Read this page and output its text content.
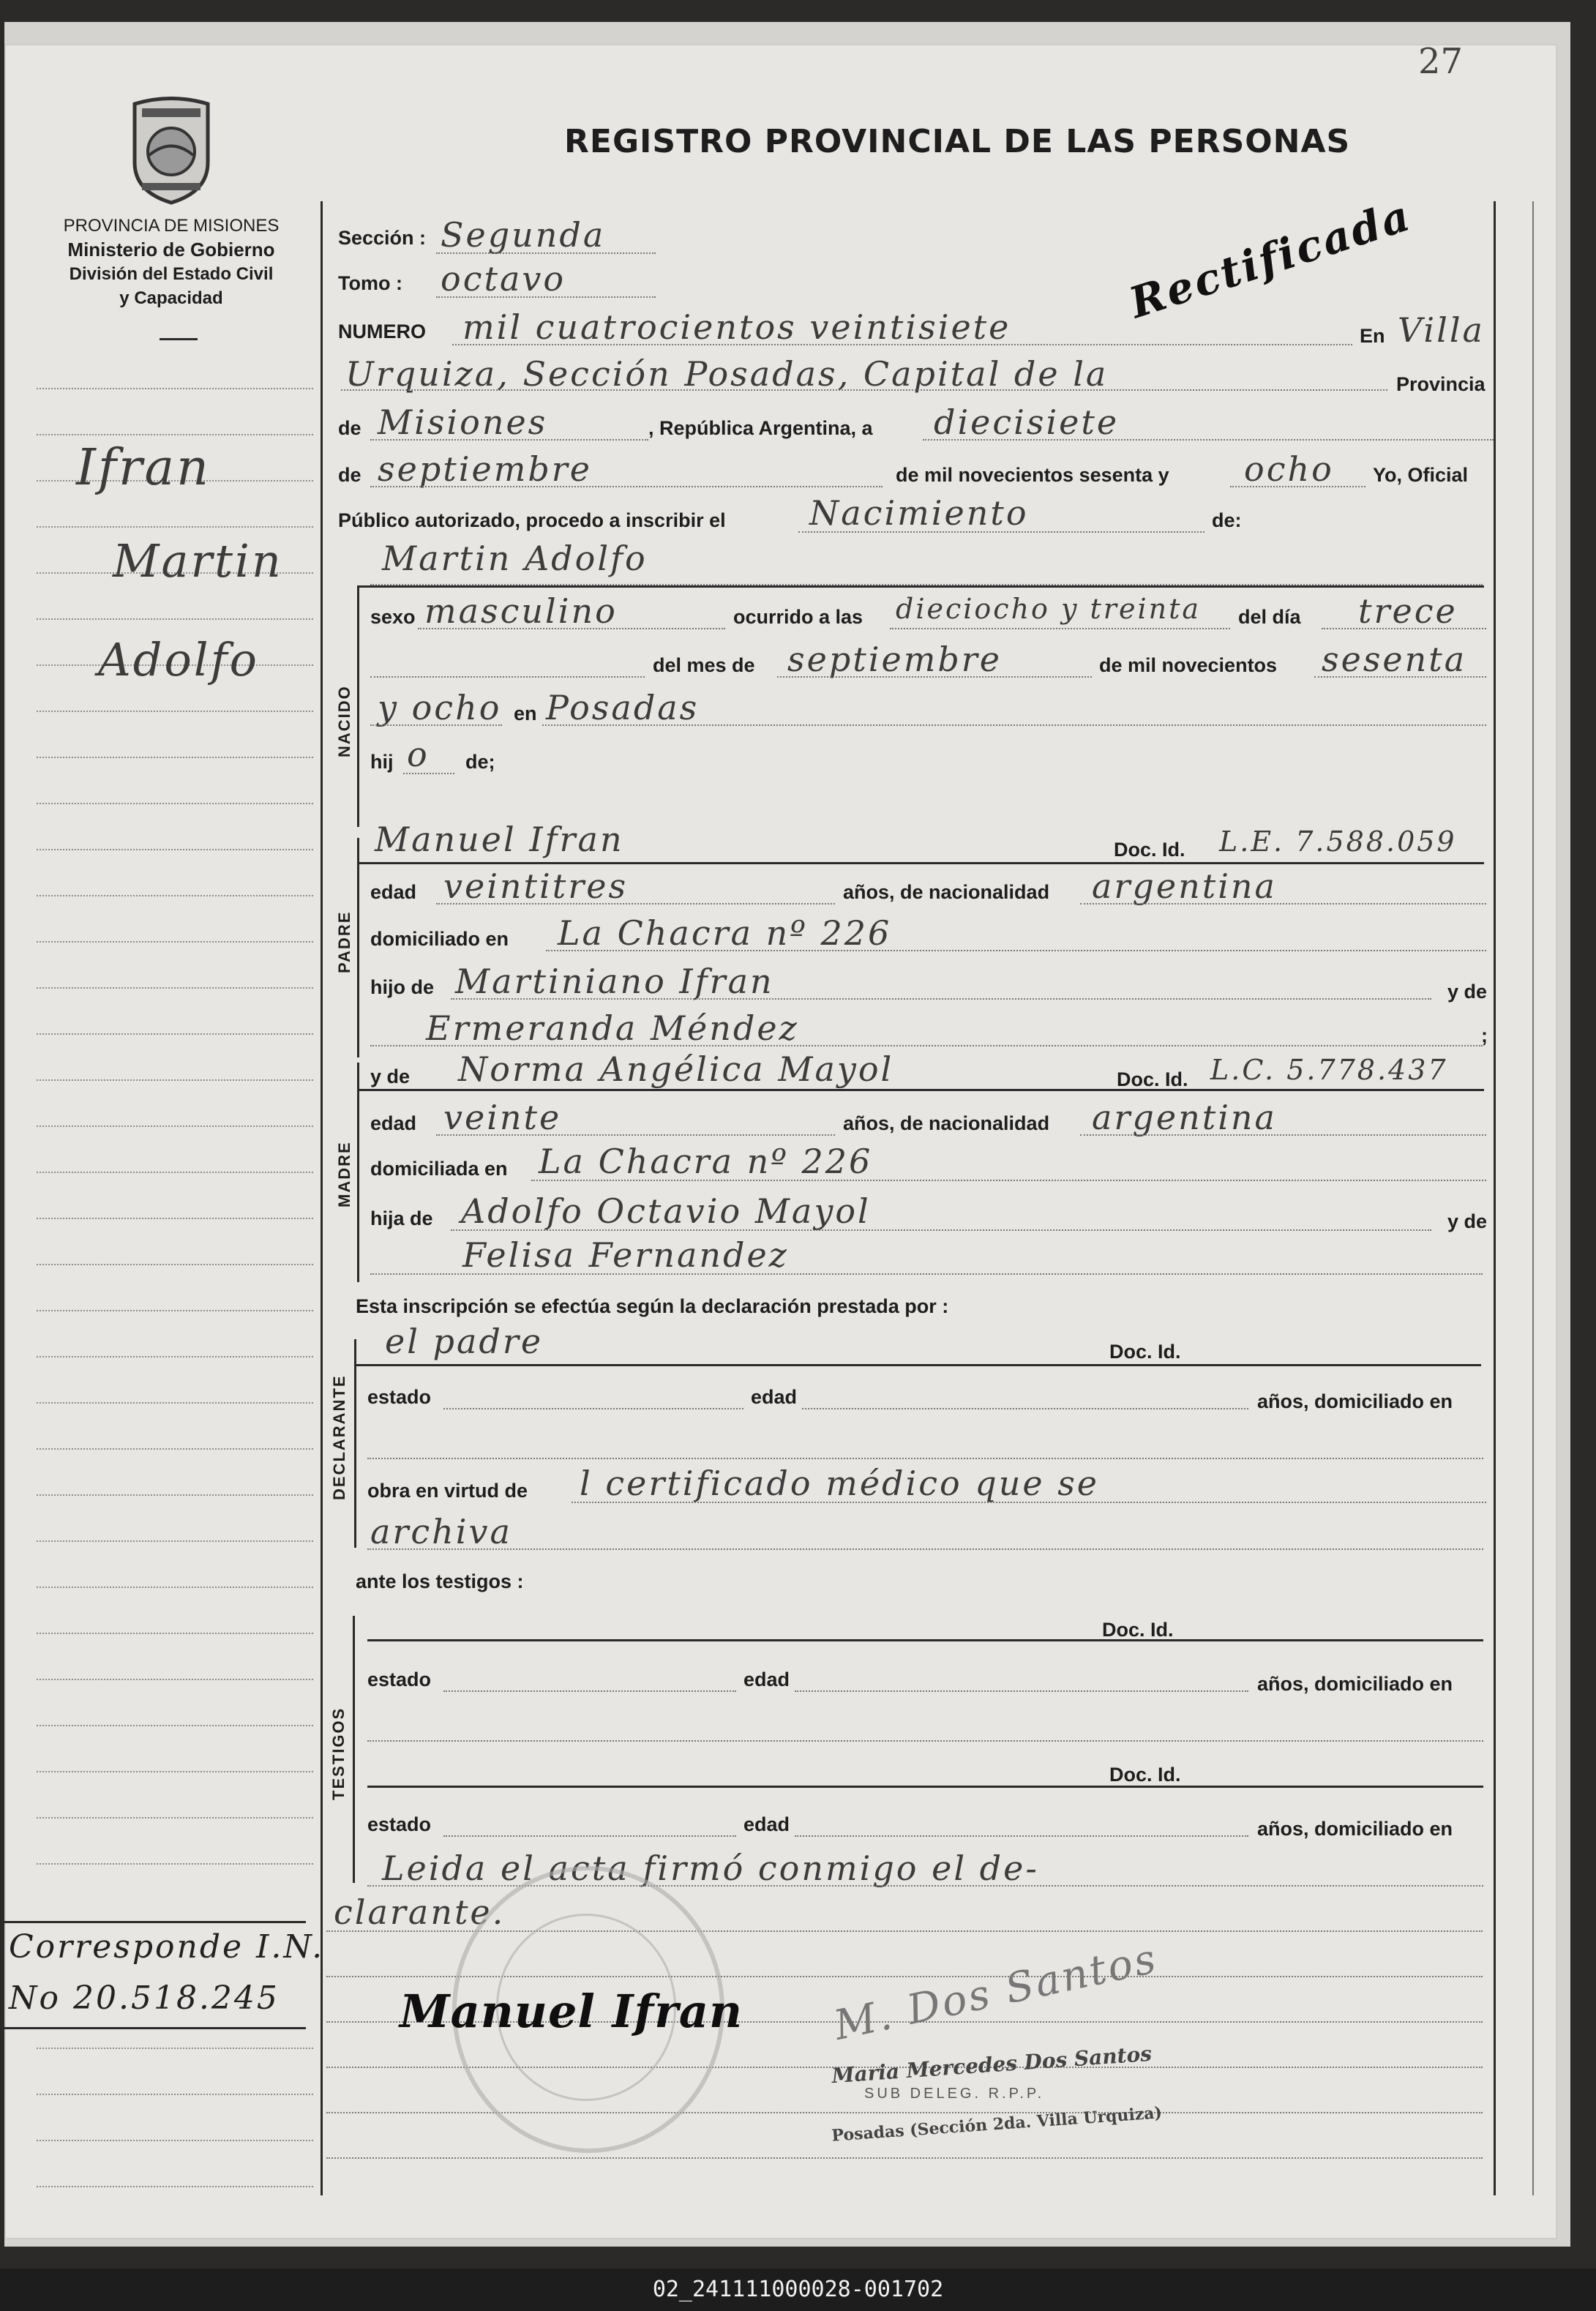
27
PROVINCIA DE MISIONES
Ministerio de Gobierno
División del Estado Civil
y Capacidad
REGISTRO PROVINCIAL DE LAS PERSONAS
Rectificada
Ifran
Martin
Adolfo
Corresponde I.N.
No 20.518.245
Sección : Segunda
Tomo : octavo
NUMERO mil cuatrocientos veintisiete	En Villa
Urquiza, Sección Posadas, Capital de la	Provincia
de Misiones	, República Argentina, a diecisiete
de septiembre	de mil novecientos sesenta y ocho Yo, Oficial
Público autorizado, procedo a inscribir el Nacimiento	de:
NACIDO
Martin Adolfo
sexo masculino	ocurrido a las dieciocho y treinta del día trece
del mes de septiembre	de mil novecientos sesenta
y ocho en Posadas
hij o de;
PADRE
Manuel Ifran	Doc. Id. L.E. 7.588.059
edad veintitres	años, de nacionalidad argentina
domiciliado en La Chacra nº 226
hijo de Martiniano Ifran	y de
Ermeranda Méndez	;
MADRE
y de Norma Angélica Mayol	Doc. Id. L.C. 5.778.437
edad veinte	años, de nacionalidad argentina
domiciliada en La Chacra nº 226
hija de Adolfo Octavio Mayol	y de
Felisa Fernandez
Esta inscripción se efectúa según la declaración prestada por :
DECLARANTE
el padre	Doc. Id.
estado	edad	años, domiciliado en
obra en virtud de l certificado médico que se
archiva
ante los testigos :
TESTIGOS
Doc. Id.
estado	edad	años, domiciliado en
Doc. Id.
estado	edad	años, domiciliado en
Leida el acta firmó conmigo el de-
clarante.
Manuel Ifran M. Dos Santos
Maria Mercedes Dos Santos
SUB DELEG. R.P.P.
Posadas (Sección 2da. Villa Urquiza)
02_241111000028-001702
